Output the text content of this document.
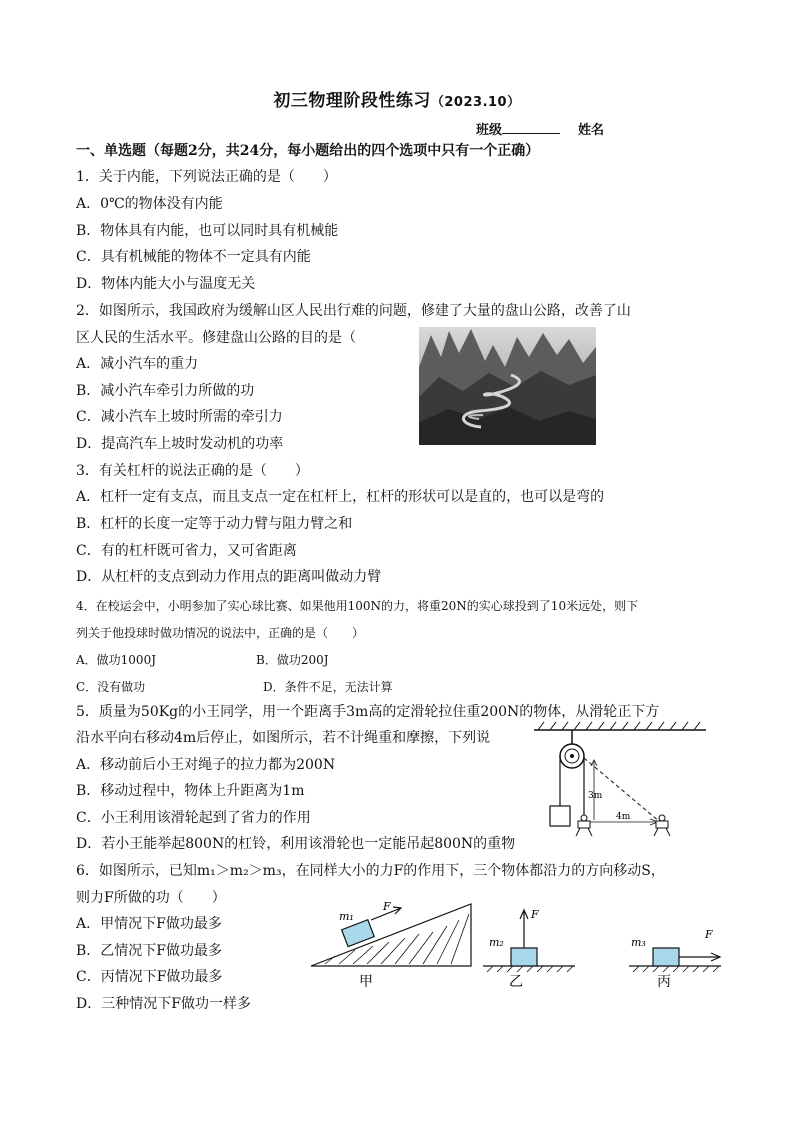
初三物理阶段性练习（2023.10）
班级	姓名
一、单选题（每题2分，共24分，每小题给出的四个选项中只有一个正确）
1．关于内能，下列说法正确的是（　　）
A．0℃的物体没有内能
B．物体具有内能，也可以同时具有机械能
C．具有机械能的物体不一定具有内能
D．物体内能大小与温度无关
2．如图所示，我国政府为缓解山区人民出行难的问题，修建了大量的盘山公路，改善了山
区人民的生活水平。修建盘山公路的目的是（
A．减小汽车的重力
B．减小汽车牵引力所做的功
C．减小汽车上坡时所需的牵引力
D．提高汽车上坡时发动机的功率
3．有关杠杆的说法正确的是（　　）
A．杠杆一定有支点，而且支点一定在杠杆上，杠杆的形状可以是直的，也可以是弯的
B．杠杆的长度一定等于动力臂与阻力臂之和
C．有的杠杆既可省力，又可省距离
D．从杠杆的支点到动力作用点的距离叫做动力臂
4．在校运会中，小明参加了实心球比赛、如果他用100N的力，将重20N的实心球投到了10米远处，则下
列关于他投球时做功情况的说法中，正确的是（　　）
A．做功1000J	B．做功200J
C．没有做功	D．条件不足，无法计算
5．质量为50Kg的小王同学，用一个距离手3m高的定滑轮拉住重200N的物体，从滑轮正下方
沿水平向右移动4m后停止，如图所示，若不计绳重和摩擦，下列说
A．移动前后小王对绳子的拉力都为200N
B．移动过程中，物体上升距离为1m
C．小王利用该滑轮起到了省力的作用
D．若小王能举起800N的杠铃，利用该滑轮也一定能吊起800N的重物
3m
4m
6．如图所示，已知m₁＞m₂＞m₃，在同样大小的力F的作用下，三个物体都沿力的方向移动S，
则力F所做的功（　　）
A．甲情况下F做功最多
B．乙情况下F做功最多
C．丙情况下F做功最多
D．三种情况下F做功一样多
m₁
F
甲
m₂
F
乙
m₃
F
丙
